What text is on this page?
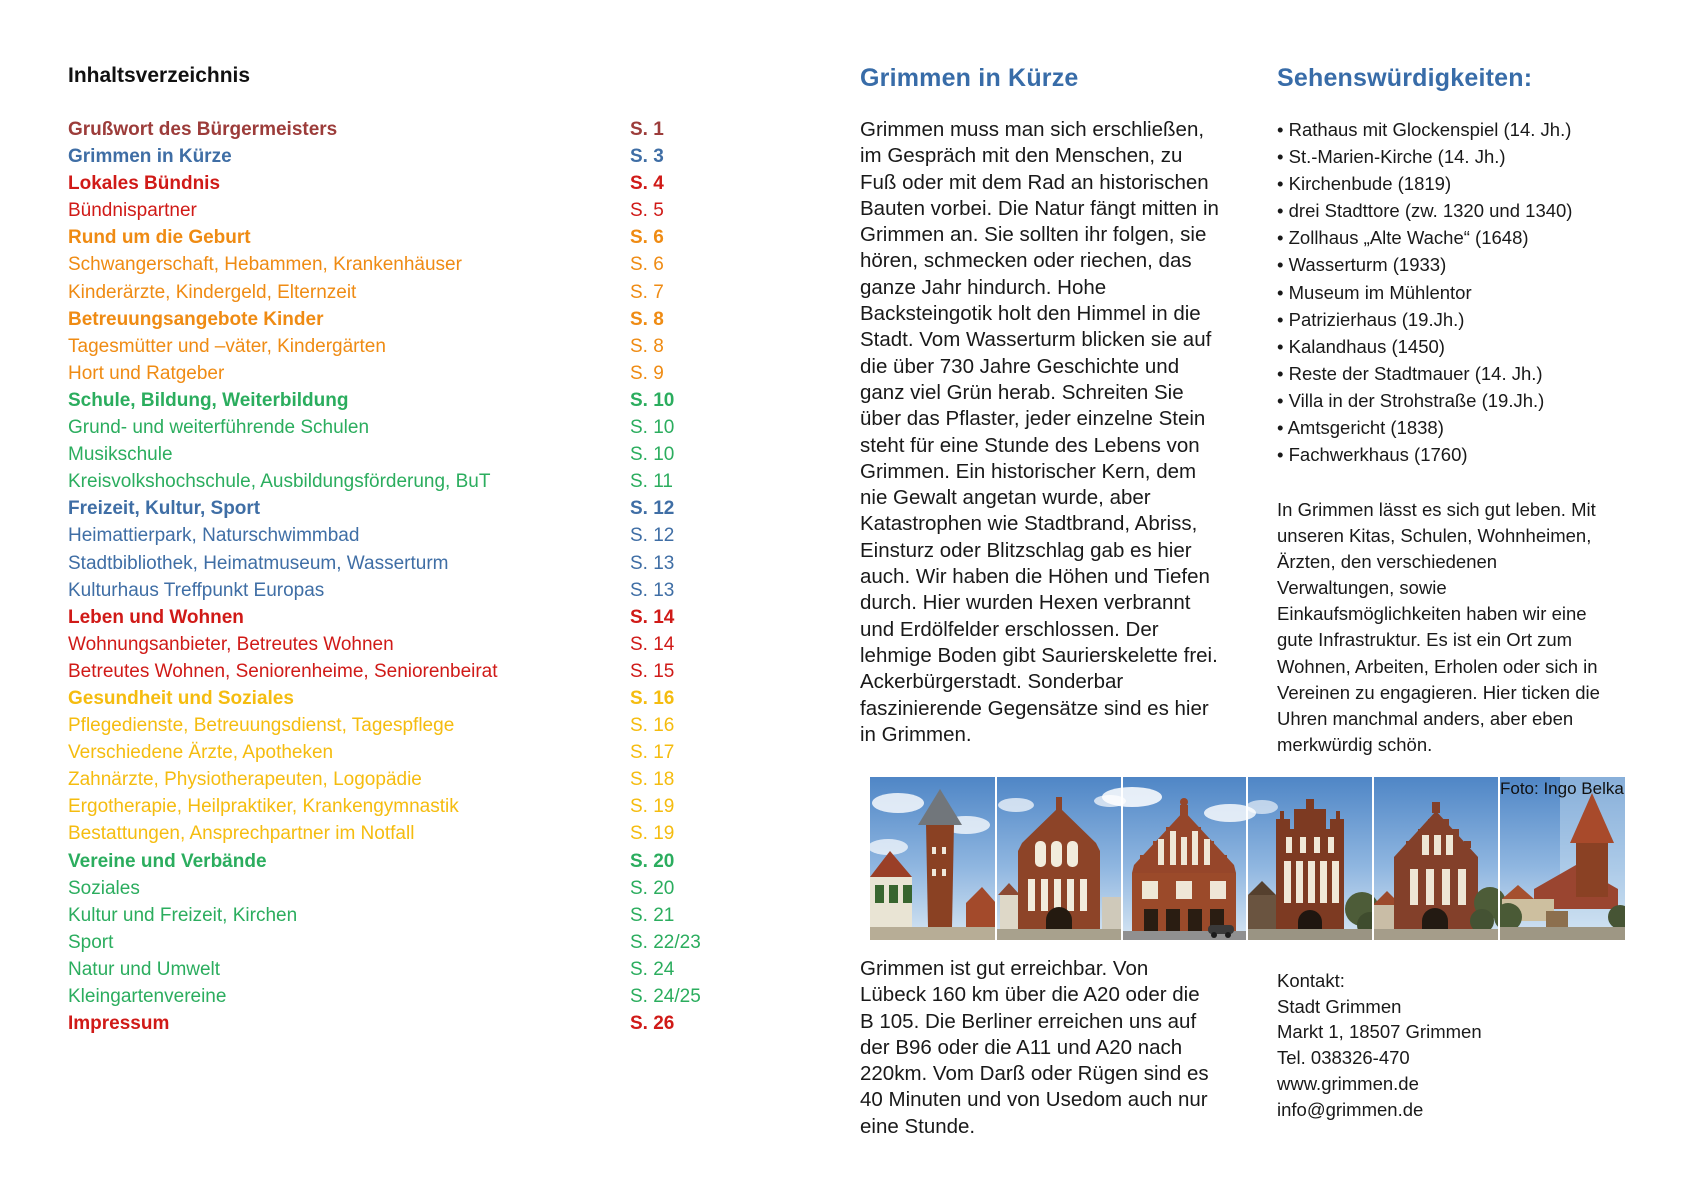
Inhaltsverzeichnis
Grußwort des Bürgermeisters	S. 1
Grimmen in Kürze	S. 3
Lokales Bündnis	S. 4
Bündnispartner	S. 5
Rund um die Geburt	S. 6
Schwangerschaft, Hebammen, Krankenhäuser	S. 6
Kinderärzte, Kindergeld, Elternzeit	S. 7
Betreuungsangebote Kinder	S. 8
Tagesmütter und –väter, Kindergärten	S. 8
Hort und Ratgeber	S. 9
Schule, Bildung, Weiterbildung	S. 10
Grund- und weiterführende Schulen	S. 10
Musikschule	S. 10
Kreisvolkshochschule, Ausbildungsförderung, BuT	S. 11
Freizeit, Kultur, Sport	S. 12
Heimattierpark, Naturschwimmbad	S. 12
Stadtbibliothek, Heimatmuseum, Wasserturm	S. 13
Kulturhaus Treffpunkt Europas	S. 13
Leben und Wohnen	S. 14
Wohnungsanbieter, Betreutes Wohnen	S. 14
Betreutes Wohnen, Seniorenheime, Seniorenbeirat	S. 15
Gesundheit und Soziales	S. 16
Pflegedienste, Betreuungsdienst, Tagespflege	S. 16
Verschiedene Ärzte, Apotheken	S. 17
Zahnärzte, Physiotherapeuten, Logopädie	S. 18
Ergotherapie, Heilpraktiker, Krankengymnastik	S. 19
Bestattungen, Ansprechpartner im Notfall	S. 19
Vereine und Verbände	S. 20
Soziales	S. 20
Kultur und Freizeit, Kirchen	S. 21
Sport	S. 22/23
Natur und Umwelt	S. 24
Kleingartenvereine	S. 24/25
Impressum	S. 26
Grimmen in Kürze
Grimmen muss man sich erschließen, im Gespräch mit den Menschen, zu Fuß oder mit dem Rad an historischen Bauten vorbei. Die Natur fängt mitten in Grimmen an. Sie sollten ihr folgen, sie hören, schmecken oder riechen, das ganze Jahr hindurch. Hohe Backsteingotik holt den Himmel in die Stadt. Vom Wasserturm blicken sie auf die über 730 Jahre Geschichte und ganz viel Grün herab. Schreiten Sie über das Pflaster, jeder einzelne Stein steht für eine Stunde des Lebens von Grimmen. Ein historischer Kern, dem nie Gewalt angetan wurde, aber Katastrophen wie Stadtbrand, Abriss, Einsturz oder Blitzschlag gab es hier auch. Wir haben die Höhen und Tiefen durch. Hier wurden Hexen verbrannt und Erdölfelder erschlossen. Der lehmige Boden gibt Saurierskelette frei. Ackerbürgerstadt. Sonderbar faszinierende Gegensätze sind es hier in Grimmen.
Grimmen ist gut erreichbar. Von Lübeck 160 km über die A20 oder die B 105. Die Berliner erreichen uns auf der B96 oder die A11 und A20 nach 220km. Vom Darß oder Rügen sind es 40 Minuten und von Usedom auch nur eine Stunde.
Sehenswürdigkeiten:
• Rathaus mit Glockenspiel (14. Jh.)
• St.-Marien-Kirche (14. Jh.)
• Kirchenbude (1819)
• drei Stadttore (zw. 1320 und 1340)
• Zollhaus „Alte Wache“ (1648)
• Wasserturm (1933)
• Museum im Mühlentor
• Patrizierhaus (19.Jh.)
• Kalandhaus (1450)
• Reste der Stadtmauer (14. Jh.)
• Villa in der Strohstraße (19.Jh.)
• Amtsgericht (1838)
• Fachwerkhaus (1760)
In Grimmen lässt es sich gut leben. Mit unseren Kitas, Schulen, Wohnheimen, Ärzten, den verschiedenen Verwaltungen, sowie Einkaufsmöglichkeiten haben wir eine gute Infrastruktur. Es ist ein Ort zum Wohnen, Arbeiten, Erholen oder sich in Vereinen zu engagieren. Hier ticken die Uhren manchmal anders, aber eben merkwürdig schön.
Kontakt:
Stadt Grimmen
Markt 1, 18507 Grimmen
Tel. 038326-470
www.grimmen.de
info@grimmen.de
Foto: Ingo Belka
